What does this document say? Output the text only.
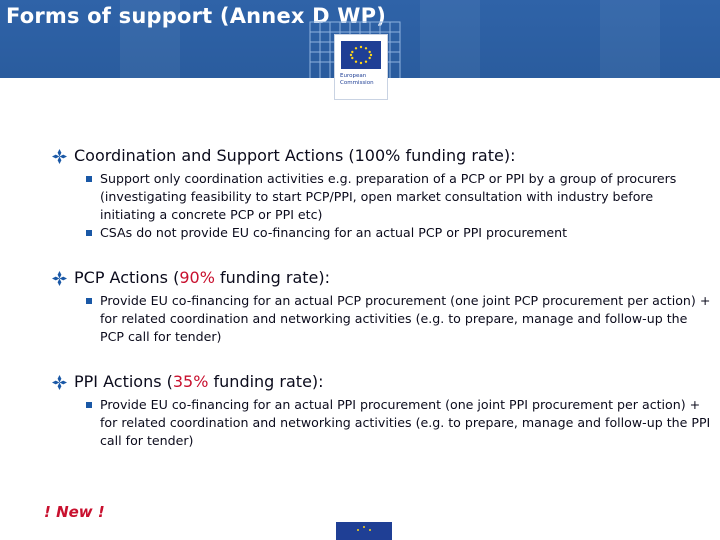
Forms of support (Annex D WP)
European Commission
Coordination and Support Actions (100% funding rate):
Support only coordination activities e.g. preparation of a PCP or PPI by a group of procurers (investigating feasibility to start PCP/PPI, open market consultation with industry before initiating a concrete PCP or PPI etc)
CSAs do not provide EU co-financing for an actual PCP or PPI procurement
PCP Actions (90% funding rate):
Provide EU co-financing for an actual PCP procurement (one joint PCP procurement per action) + for related coordination and networking activities (e.g. to prepare, manage and follow-up the PCP call for tender)
PPI Actions (35% funding rate):
Provide EU co-financing for an actual PPI procurement (one joint PPI procurement per action) + for related coordination and networking activities (e.g. to prepare, manage and follow-up the PPI call for tender)
! New !
